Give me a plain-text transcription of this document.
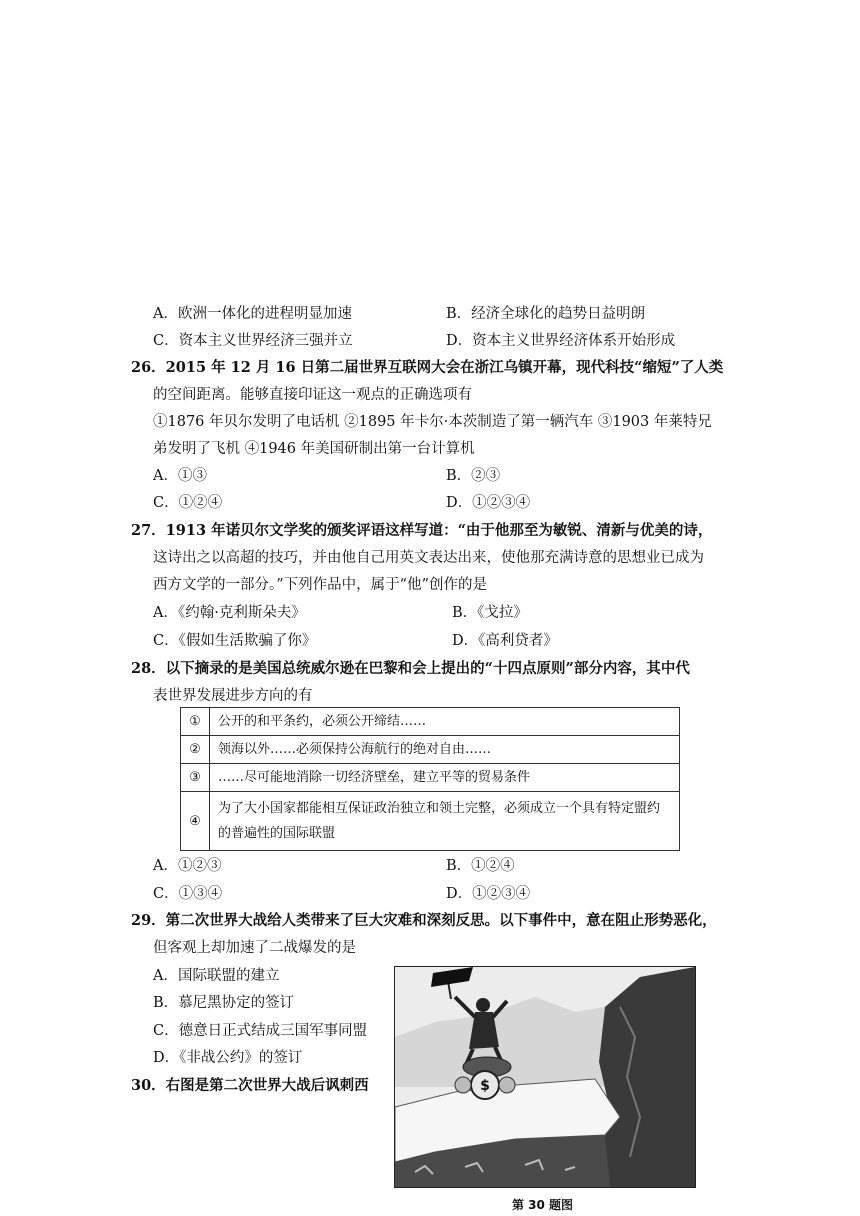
A．欧洲一体化的进程明显加速	B．经济全球化的趋势日益明朗
C．资本主义世界经济三强并立	D．资本主义世界经济体系开始形成
26．2015 年 12 月 16 日第二届世界互联网大会在浙江乌镇开幕，现代科技“缩短”了人类
的空间距离。能够直接印证这一观点的正确选项有
①1876 年贝尔发明了电话机 ②1895 年卡尔·本茨制造了第一辆汽车 ③1903 年莱特兄
弟发明了飞机 ④1946 年美国研制出第一台计算机
A．①③	B．②③
C．①②④	D．①②③④
27．1913 年诺贝尔文学奖的颁奖评语这样写道：“由于他那至为敏锐、清新与优美的诗，
这诗出之以高超的技巧，并由他自己用英文表达出来，使他那充满诗意的思想业已成为
西方文学的一部分。”下列作品中，属于“他”创作的是
A．《约翰·克利斯朵夫》	B．《戈拉》
C．《假如生活欺骗了你》	D．《高利贷者》
28．以下摘录的是美国总统威尔逊在巴黎和会上提出的“十四点原则”部分内容，其中代
表世界发展进步方向的有
①	公开的和平条约，必须公开缔结……
②	领海以外……必须保持公海航行的绝对自由……
③	……尽可能地消除一切经济壁垒，建立平等的贸易条件
④	为了大小国家都能相互保证政治独立和领土完整，必须成立一个具有特定盟约的普遍性的国际联盟
A．①②③	B．①②④
C．①③④	D．①②③④
29．第二次世界大战给人类带来了巨大灾难和深刻反思。以下事件中，意在阻止形势恶化，
但客观上却加速了二战爆发的是
A．国际联盟的建立
B．慕尼黑协定的签订
C．德意日正式结成三国军事同盟
D．《非战公约》的签订
30．右图是第二次世界大战后讽刺西	$
第 30 题图
